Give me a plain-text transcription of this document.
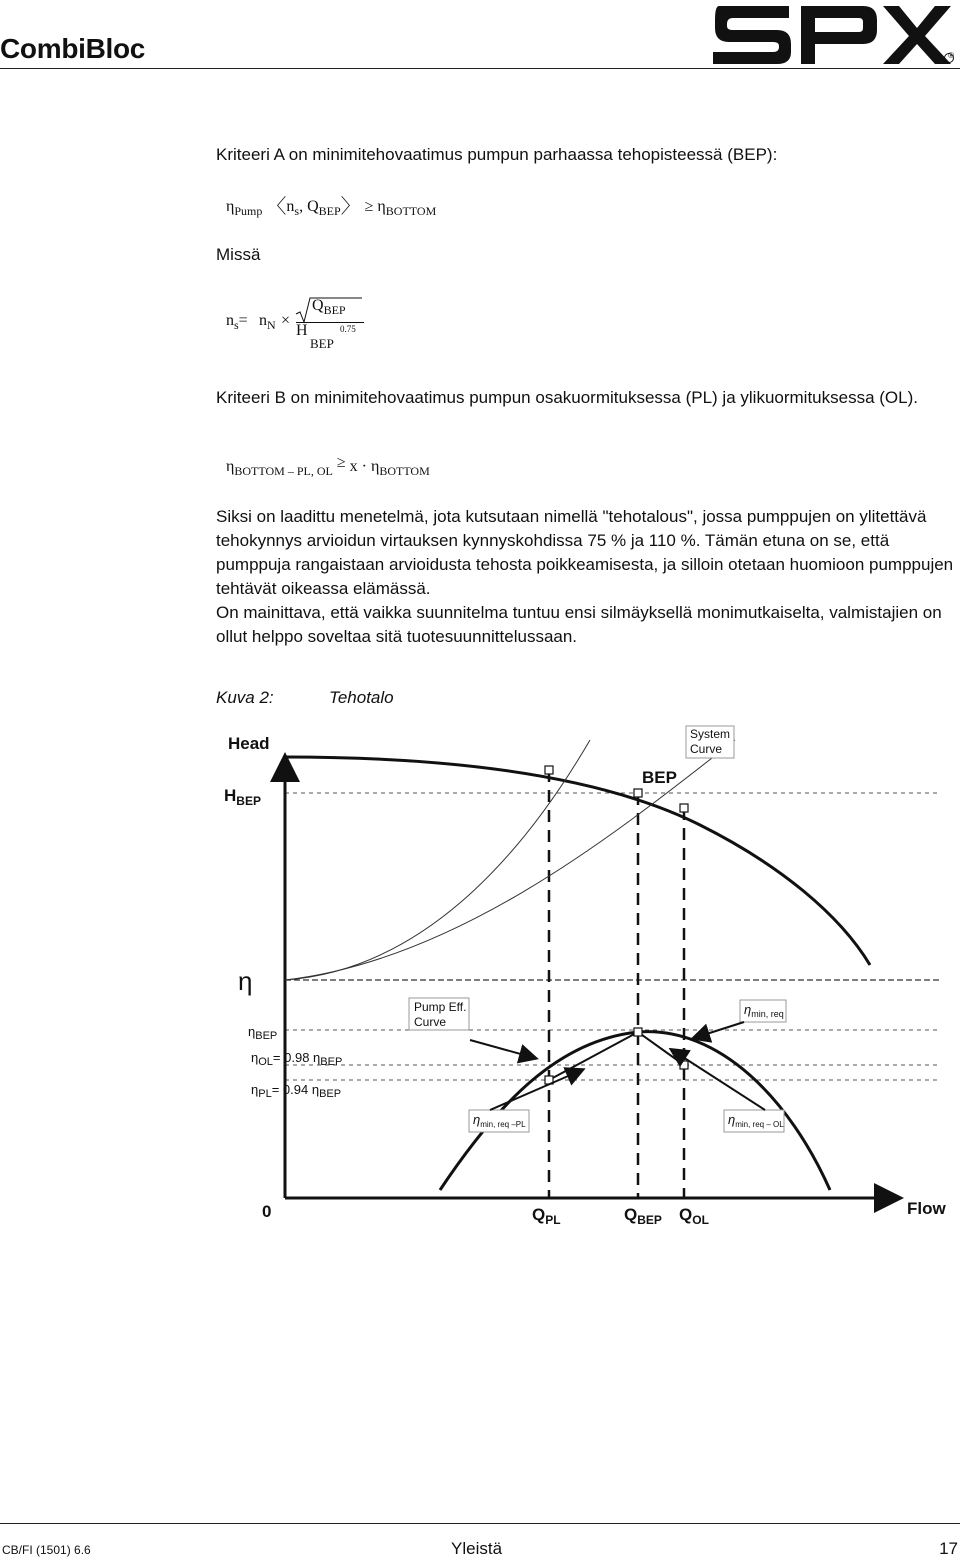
CombiBloc	®
Kriteeri A on minimitehovaatimus pumpun parhaassa tehopisteessä (BEP):
$\eta_{Pump}$ 〈$n_s$, $Q_{BEP}$〉 ≥ $\eta_{BOTTOM}$
Missä
$n_s= n_N$ ×
$Q_{BEP}$
H	0.75
BEP
Kriteeri B on minimitehovaatimus pumpun osakuormituksessa (PL) ja ylikuormituksessa (OL).
$\eta_{BOTTOM - PL, OL} \ge x \cdot \eta_{BOTTOM}$

Siksi on laadittu menetelmä, jota kutsutaan nimellä "tehotalous", jossa pumppujen on ylitettävä tehokynnys arvioidun virtauksen kynnyskohdissa 75 % ja 110 %. Tämän etuna on se, että pumppuja rangaistaan arvioidusta tehosta poikkeamisesta, ja silloin otetaan huomioon pumppujen tehtävät oikeassa elämässä.

On mainittava, että vaikka suunnitelma tuntuu ensi silmäyksellä monimutkaiselta, valmistajien on ollut helppo soveltaa sitä tuotesuunnittelussaan.

Kuva 2:	Tehotalo
Head
$H_{BEP}$
BEP
System
Curve
η
$\eta_{BEP}$
$\eta_{OL}= 0.98$ $\eta_{BEP}$
$\eta_{PL}= 0.94$ $\eta_{BEP}$
Pump Eff.
Curve
$\eta_{min, req}$
$\eta_{min, req -PL}$	$\eta_{min, req - OL}$
0	$Q_{PL}$	$Q_{BEP}$ $Q_{OL}$
Flow
CB/FI (1501) 6.6	Yleistä	17
